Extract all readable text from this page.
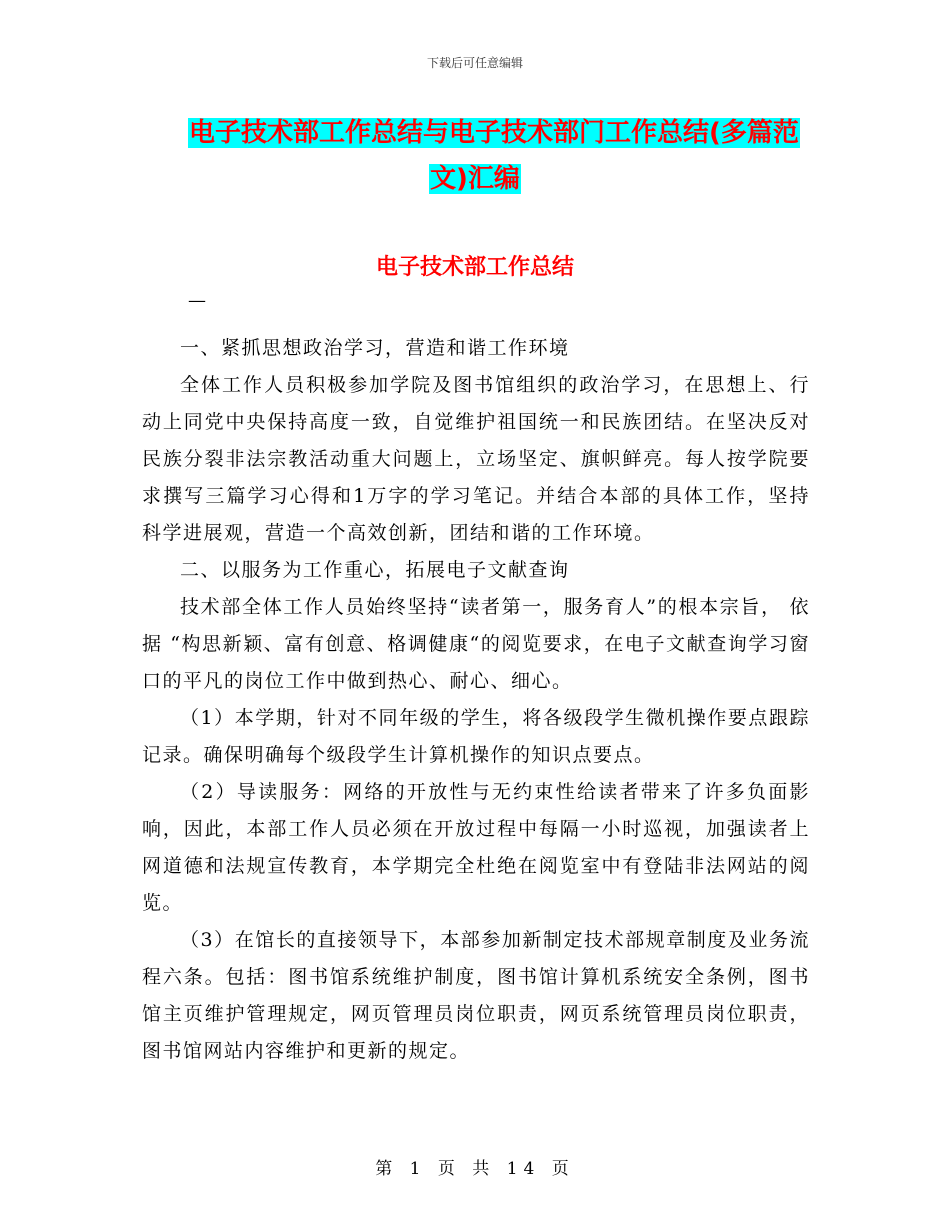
下载后可任意编辑
电子技术部工作总结与电子技术部门工作总结(多篇范
文)汇编
电子技术部工作总结
—

一、紧抓思想政治学习，营造和谐工作环境

全体工作人员积极参加学院及图书馆组织的政治学习，在思想上、行动上同党中央保持高度一致，自觉维护祖国统一和民族团结。在坚决反对民族分裂非法宗教活动重大问题上，立场坚定、旗帜鲜亮。每人按学院要求撰写三篇学习心得和1万字的学习笔记。并结合本部的具体工作，坚持科学进展观，营造一个高效创新，团结和谐的工作环境。

二、以服务为工作重心，拓展电子文献查询

技术部全体工作人员始终坚持“读者第一，服务育人”的根本宗旨， 依据 “构思新颖、富有创意、格调健康“的阅览要求，在电子文献查询学习窗口的平凡的岗位工作中做到热心、耐心、细心。

（1）本学期，针对不同年级的学生，将各级段学生微机操作要点跟踪记录。确保明确每个级段学生计算机操作的知识点要点。

（2）导读服务：网络的开放性与无约束性给读者带来了许多负面影响，因此，本部工作人员必须在开放过程中每隔一小时巡视，加强读者上网道德和法规宣传教育，本学期完全杜绝在阅览室中有登陆非法网站的阅览。

（3）在馆长的直接领导下，本部参加新制定技术部规章制度及业务流程六条。包括：图书馆系统维护制度，图书馆计算机系统安全条例，图书馆主页维护管理规定，网页管理员岗位职责，网页系统管理员岗位职责，图书馆网站内容维护和更新的规定。

第 1 页 共 14 页
